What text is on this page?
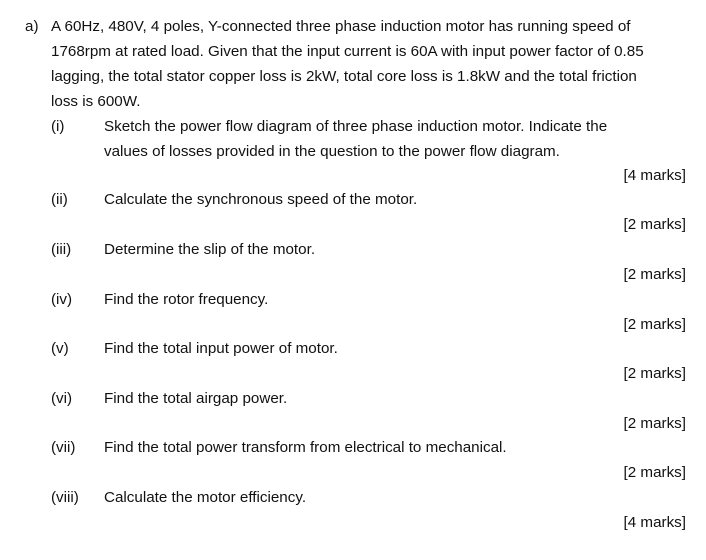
a) A 60Hz, 480V, 4 poles, Y-connected three phase induction motor has running speed of
1768rpm at rated load. Given that the input current is 60A with input power factor of 0.85
lagging, the total stator copper loss is 2kW, total core loss is 1.8kW and the total friction
loss is 600W.
(i)	Sketch the power flow diagram of three phase induction motor. Indicate the
values of losses provided in the question to the power flow diagram.
[4 marks]
(ii) Calculate the synchronous speed of the motor.
[2 marks]
(iii) Determine the slip of the motor.
[2 marks]
(iv) Find the rotor frequency.
[2 marks]
(v) Find the total input power of motor.
[2 marks]
(vi) Find the total airgap power.
[2 marks]
(vii) Find the total power transform from electrical to mechanical.
[2 marks]
(viii) Calculate the motor efficiency.
[4 marks]
